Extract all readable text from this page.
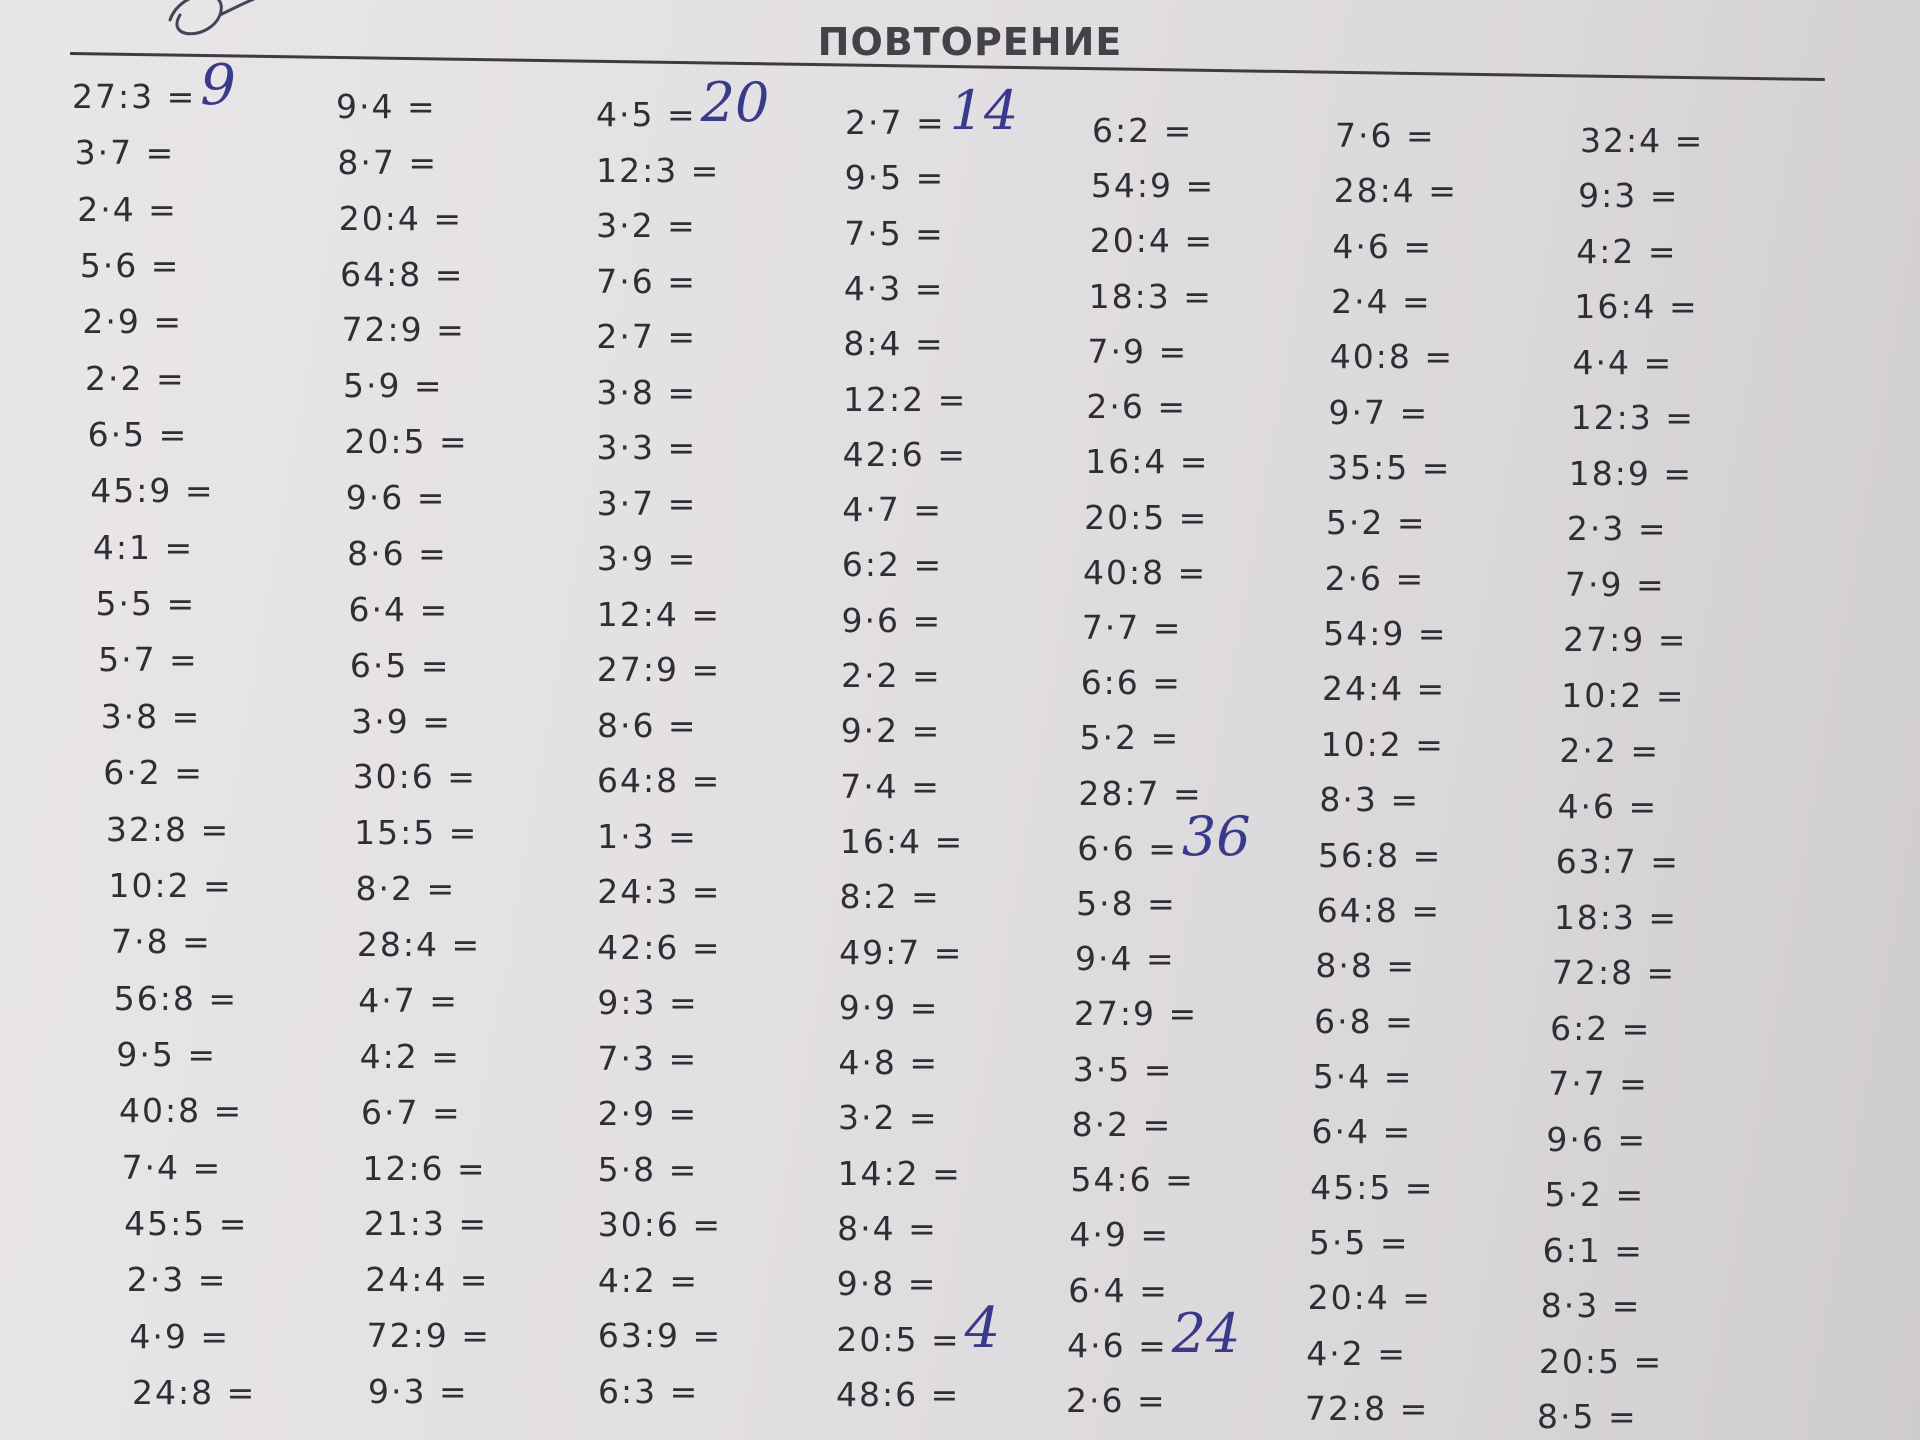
ПОВТОРЕНИЕ
27:3 =
3·7 =
2·4 =
5·6 =
2·9 =
2·2 =
6·5 =
45:9 =
4:1 =
5·5 =
5·7 =
3·8 =
6·2 =
32:8 =
10:2 =
7·8 =
56:8 =
9·5 =
40:8 =
7·4 =
45:5 =
2·3 =
4·9 =
24:8 =
9	9·4 =
8·7 =
20:4 =
64:8 =
72:9 =
5·9 =
20:5 =
9·6 =
8·6 =
6·4 =
6·5 =
3·9 =
30:6 =
15:5 =
8·2 =
28:4 =
4·7 =
4:2 =
6·7 =
12:6 =
21:3 =
24:4 =
72:9 =
9·3 =
4·5 =
12:3 =
3·2 =
7·6 =
2·7 =
3·8 =
3·3 =
3·7 =
3·9 =
12:4 =
27:9 =
8·6 =
64:8 =
1·3 =
24:3 =
42:6 =
9:3 =
7·3 =
2·9 =
5·8 =
30:6 =
4:2 =
63:9 =
6:3 =
20 2·7 =
9·5 =
7·5 =
4·3 =
8:4 =
12:2 =
42:6 =
4·7 =
6:2 =
9·6 =
2·2 =
9·2 =
7·4 =
16:4 =
8:2 =
49:7 =
9·9 =
4·8 =
3·2 =
14:2 =
8·4 =
9·8 =
20:5 =
48:6 =
14
4
6:2 =
54:9 =
20:4 =
18:3 =
7·9 =
2·6 =
16:4 =
20:5 =
40:8 =
7·7 =
6:6 =
5·2 =
28:7 =
6·6 =
5·8 =
9·4 =
27:9 =
3·5 =
8·2 =
54:6 =
4·9 =
6·4 =
4·6 =
2·6 =
36
24
7·6 =
28:4 =
4·6 =
2·4 =
40:8 =
9·7 =
35:5 =
5·2 =
2·6 =
54:9 =
24:4 =
10:2 =
8·3 =
56:8 =
64:8 =
8·8 =
6·8 =
5·4 =
6·4 =
45:5 =
5·5 =
20:4 =
4·2 =
72:8 =
32:4 =
9:3 =
4:2 =
16:4 =
4·4 =
12:3 =
18:9 =
2·3 =
7·9 =
27:9 =
10:2 =
2·2 =
4·6 =
63:7 =
18:3 =
72:8 =
6:2 =
7·7 =
9·6 =
5·2 =
6:1 =
8·3 =
20:5 =
8·5 =
